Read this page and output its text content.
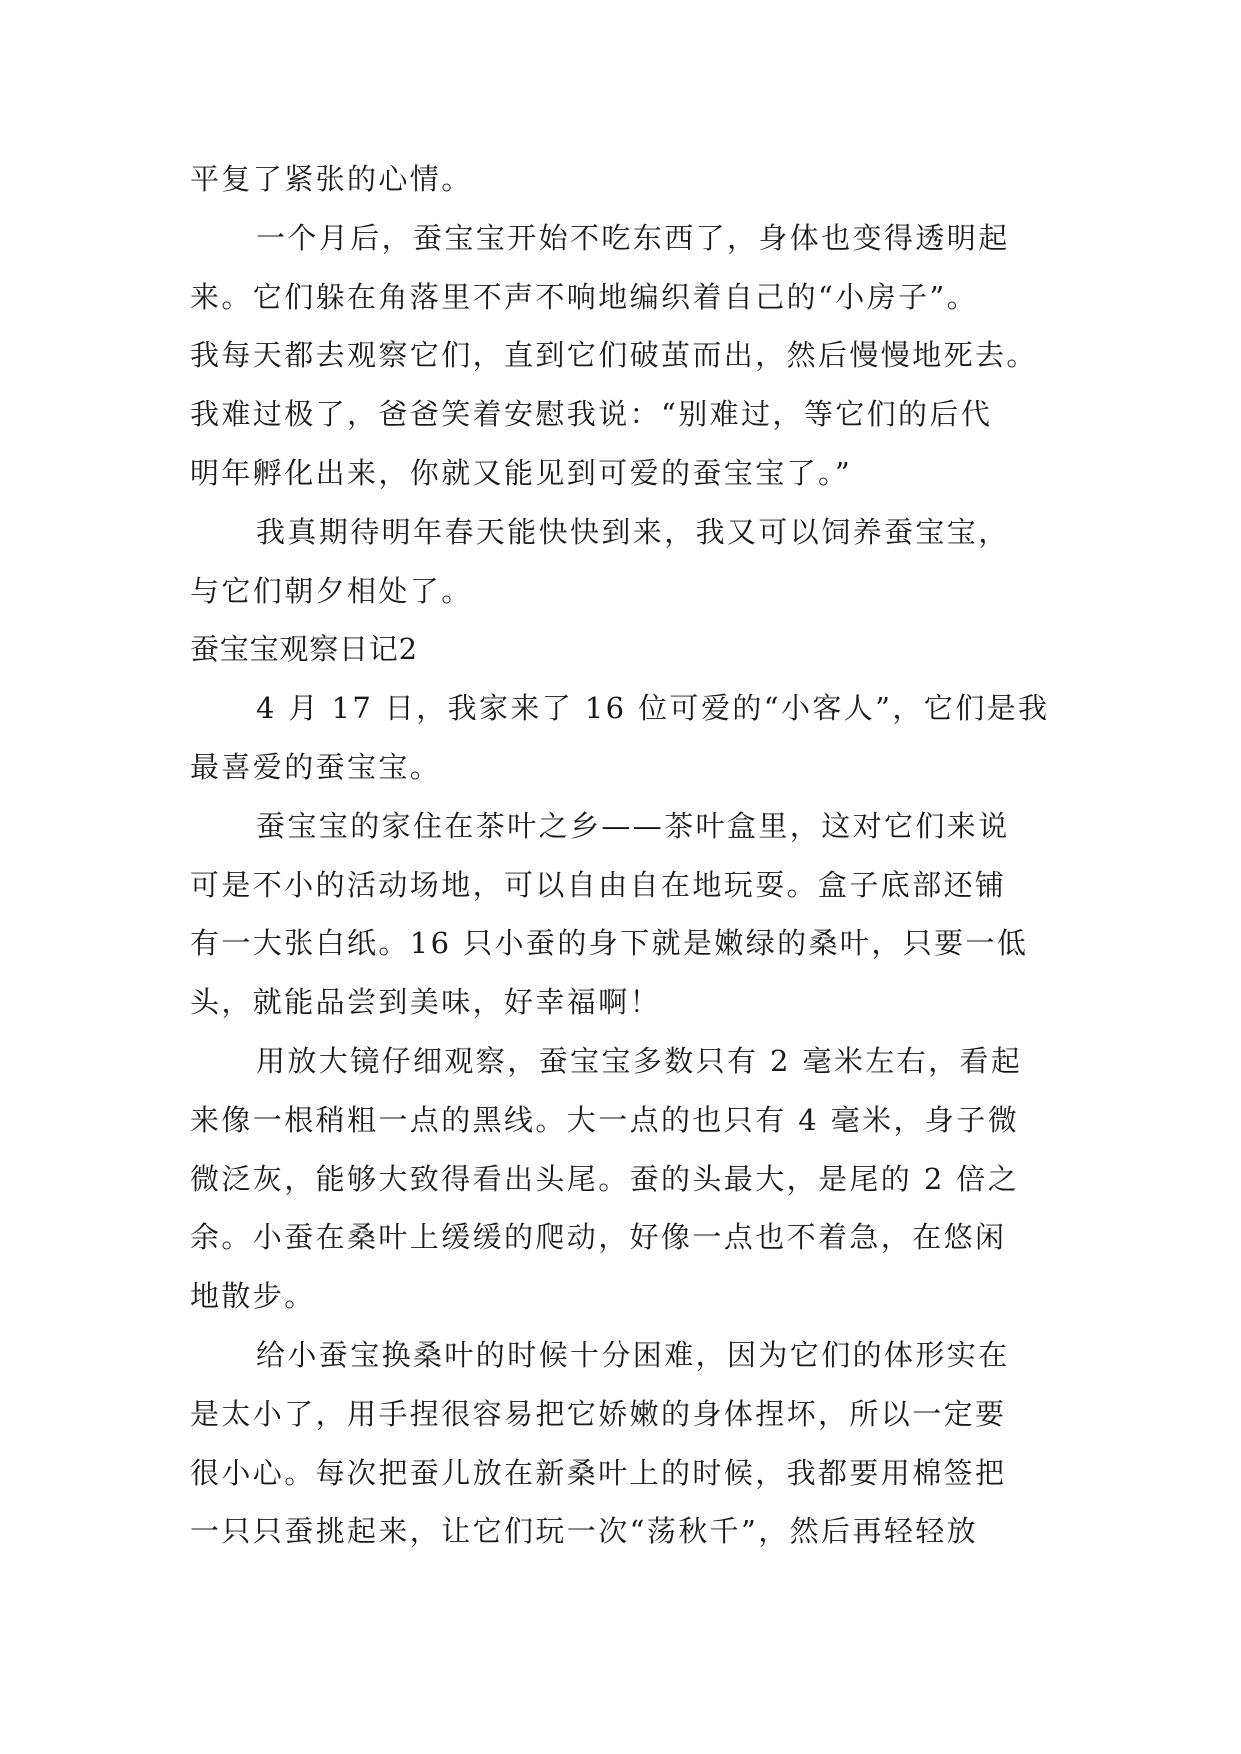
平复了紧张的心情。

一个月后，蚕宝宝开始不吃东西了，身体也变得透明起

来。它们躲在角落里不声不响地编织着自己的“小房子”。

我每天都去观察它们，直到它们破茧而出，然后慢慢地死去。

我难过极了，爸爸笑着安慰我说：“别难过，等它们的后代

明年孵化出来，你就又能见到可爱的蚕宝宝了。”

我真期待明年春天能快快到来，我又可以饲养蚕宝宝，

与它们朝夕相处了。

蚕宝宝观察日记2

4 月 17 日，我家来了 16 位可爱的“小客人”，它们是我

最喜爱的蚕宝宝。

蚕宝宝的家住在茶叶之乡——茶叶盒里，这对它们来说

可是不小的活动场地，可以自由自在地玩耍。盒子底部还铺

有一大张白纸。16 只小蚕的身下就是嫩绿的桑叶，只要一低

头，就能品尝到美味，好幸福啊！

用放大镜仔细观察，蚕宝宝多数只有 2 毫米左右，看起

来像一根稍粗一点的黑线。大一点的也只有 4 毫米，身子微

微泛灰，能够大致得看出头尾。蚕的头最大，是尾的 2 倍之

余。小蚕在桑叶上缓缓的爬动，好像一点也不着急，在悠闲

地散步。

给小蚕宝换桑叶的时候十分困难，因为它们的体形实在

是太小了，用手捏很容易把它娇嫩的身体捏坏，所以一定要

很小心。每次把蚕儿放在新桑叶上的时候，我都要用棉签把

一只只蚕挑起来，让它们玩一次“荡秋千”，然后再轻轻放
